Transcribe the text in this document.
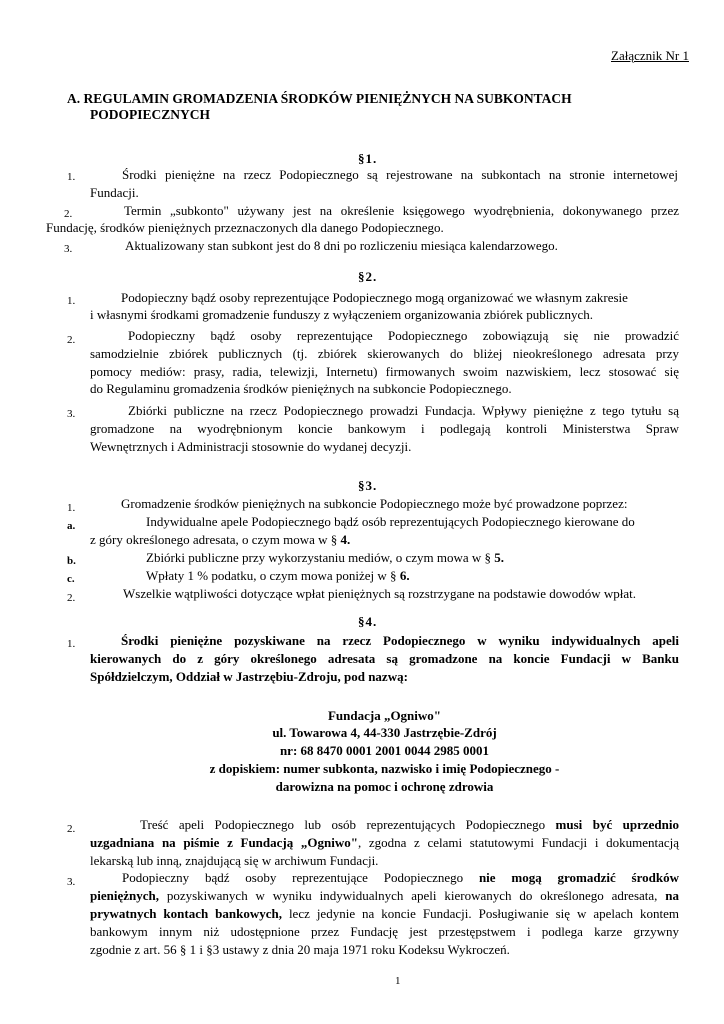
Załącznik Nr 1
A. REGULAMIN GROMADZENIA ŚRODKÓW PIENIĘŻNYCH NA SUBKONTACH
PODOPIECZNYCH
§1.
1.	Środki pieniężne na rzecz Podopiecznego są rejestrowane na subkontach na stronie internetowej
Fundacji.
2.	Termin „subkonto" używany jest na określenie księgowego wyodrębnienia, dokonywanego przez
Fundację, środków pieniężnych przeznaczonych dla danego Podopiecznego.
3.	Aktualizowany stan subkont jest do 8 dni po rozliczeniu miesiąca kalendarzowego.
§2.
1.	Podopieczny bądź osoby reprezentujące Podopiecznego mogą organizować we własnym zakresie
i własnymi środkami gromadzenie funduszy z wyłączeniem organizowania zbiórek publicznych.
2.	Podopieczny bądź osoby reprezentujące Podopiecznego zobowiązują się nie prowadzić
samodzielnie zbiórek publicznych (tj. zbiórek skierowanych do bliżej nieokreślonego adresata przy
pomocy mediów: prasy, radia, telewizji, Internetu) firmowanych swoim nazwiskiem, lecz stosować się
do Regulaminu gromadzenia środków pieniężnych na subkoncie Podopiecznego.
3.	Zbiórki publiczne na rzecz Podopiecznego prowadzi Fundacja. Wpływy pieniężne z tego tytułu są
gromadzone na wyodrębnionym koncie bankowym i podlegają kontroli Ministerstwa Spraw
Wewnętrznych i Administracji stosownie do wydanej decyzji.
§3.
1.	Gromadzenie środków pieniężnych na subkoncie Podopiecznego może być prowadzone poprzez:
a.	Indywidualne apele Podopiecznego bądź osób reprezentujących Podopiecznego kierowane do
z góry określonego adresata, o czym mowa w § 4.
b.	Zbiórki publiczne przy wykorzystaniu mediów, o czym mowa w § 5.
c.	Wpłaty 1 % podatku, o czym mowa poniżej w § 6.
2.	Wszelkie wątpliwości dotyczące wpłat pieniężnych są rozstrzygane na podstawie dowodów wpłat.
§4.
1.	Środki pieniężne pozyskiwane na rzecz Podopiecznego w wyniku indywidualnych apeli
kierowanych do z góry określonego adresata są gromadzone na koncie Fundacji w Banku
Spółdzielczym, Oddział w Jastrzębiu-Zdroju, pod nazwą:
Fundacja „Ogniwo"
ul. Towarowa 4, 44-330 Jastrzębie-Zdrój
nr: 68 8470 0001 2001 0044 2985 0001
z dopiskiem: numer subkonta, nazwisko i imię Podopiecznego -
darowizna na pomoc i ochronę zdrowia
2.	Treść apeli Podopiecznego lub osób reprezentujących Podopiecznego musi być uprzednio
uzgadniana na piśmie z Fundacją „Ogniwo", zgodna z celami statutowymi Fundacji i dokumentacją
lekarską lub inną, znajdującą się w archiwum Fundacji.
3.	Podopieczny bądź osoby reprezentujące Podopiecznego nie mogą gromadzić środków
pieniężnych, pozyskiwanych w wyniku indywidualnych apeli kierowanych do określonego adresata, na
prywatnych kontach bankowych, lecz jedynie na koncie Fundacji. Posługiwanie się w apelach kontem
bankowym innym niż udostępnione przez Fundację jest przestępstwem i podlega karze grzywny
zgodnie z art. 56 § 1 i §3 ustawy z dnia 20 maja 1971 roku Kodeksu Wykroczeń.
1
